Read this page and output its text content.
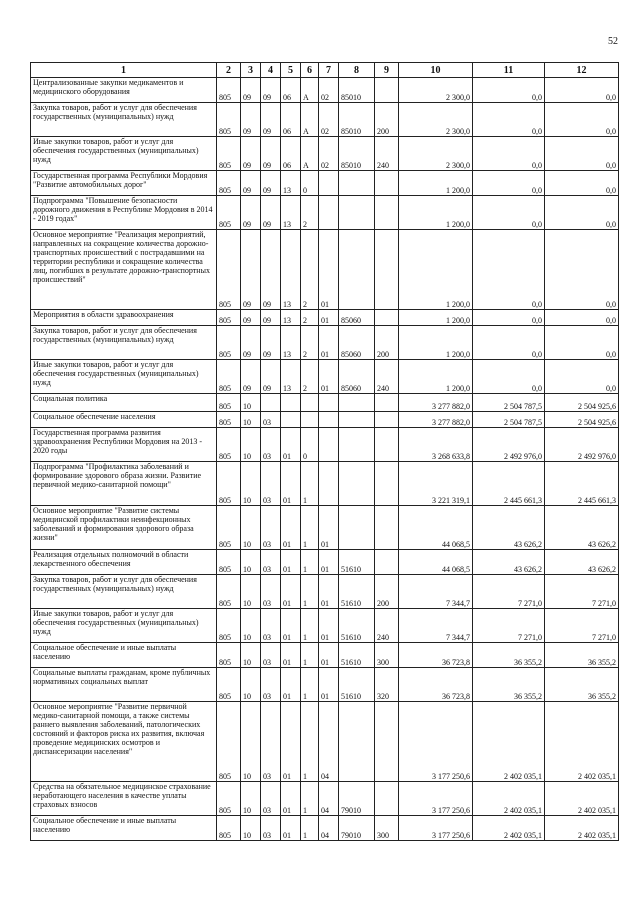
52
1	2	3	4	5	6	7	8	9	10	11	12
Централизованные закупки медикаментов и медицинского оборудования	805	09	09	06	А	02	85010		2 300,0	0,0	0,0
Закупка товаров, работ и услуг для обеспечения государственных (муниципальных) нужд	805	09	09	06	А	02	85010	200	2 300,0	0,0	0,0
Иные закупки товаров, работ и услуг для обеспечения государственных (муниципальных) нужд	805	09	09	06	А	02	85010	240	2 300,0	0,0	0,0
Государственная программа Республики Мордовия "Развитие автомобильных дорог"	805	09	09	13	0				1 200,0	0,0	0,0
Подпрограмма "Повышение безопасности дорожного движения в Республике Мордовия в 2014 - 2019 годах"	805	09	09	13	2				1 200,0	0,0	0,0
Основное мероприятие "Реализация мероприятий, направленных на сокращение количества дорожно-транспортных происшествий с пострадавшими на территории республики и сокращение количества лиц, погибших в результате дорожно-транспортных происшествий"	805	09	09	13	2	01			1 200,0	0,0	0,0
Мероприятия в области здравоохранения	805	09	09	13	2	01	85060		1 200,0	0,0	0,0
Закупка товаров, работ и услуг для обеспечения государственных (муниципальных) нужд	805	09	09	13	2	01	85060	200	1 200,0	0,0	0,0
Иные закупки товаров, работ и услуг для обеспечения государственных (муниципальных) нужд	805	09	09	13	2	01	85060	240	1 200,0	0,0	0,0
Социальная политика	805	10							3 277 882,0	2 504 787,5	2 504 925,6
Социальное обеспечение населения	805	10	03						3 277 882,0	2 504 787,5	2 504 925,6
Государственная программа развития здравоохранения Республики Мордовия на 2013 - 2020 годы	805	10	03	01	0				3 268 633,8	2 492 976,0	2 492 976,0
Подпрограмма "Профилактика заболеваний и формирование здорового образа жизни. Развитие первичной медико-санитарной помощи"	805	10	03	01	1				3 221 319,1	2 445 661,3	2 445 661,3
Основное мероприятие "Развитие системы медицинской профилактики неинфекционных заболеваний и формирования здорового образа жизни"	805	10	03	01	1	01			44 068,5	43 626,2	43 626,2
Реализация отдельных полномочий в области лекарственного обеспечения	805	10	03	01	1	01	51610		44 068,5	43 626,2	43 626,2
Закупка товаров, работ и услуг для обеспечения государственных (муниципальных) нужд	805	10	03	01	1	01	51610	200	7 344,7	7 271,0	7 271,0
Иные закупки товаров, работ и услуг для обеспечения государственных (муниципальных) нужд	805	10	03	01	1	01	51610	240	7 344,7	7 271,0	7 271,0
Социальное обеспечение и иные выплаты населению	805	10	03	01	1	01	51610	300	36 723,8	36 355,2	36 355,2
Социальные выплаты гражданам, кроме публичных нормативных социальных выплат	805	10	03	01	1	01	51610	320	36 723,8	36 355,2	36 355,2
Основное мероприятие "Развитие первичной медико-санитарной помощи, а также системы раннего выявления заболеваний, патологических состояний и факторов риска их развития, включая проведение медицинских осмотров и диспансеризации населения"	805	10	03	01	1	04			3 177 250,6	2 402 035,1	2 402 035,1
Средства на обязательное медицинское страхование неработающего населения в качестве уплаты страховых взносов	805	10	03	01	1	04	79010		3 177 250,6	2 402 035,1	2 402 035,1
Социальное обеспечение и иные выплаты населению	805	10	03	01	1	04	79010	300	3 177 250,6	2 402 035,1	2 402 035,1
